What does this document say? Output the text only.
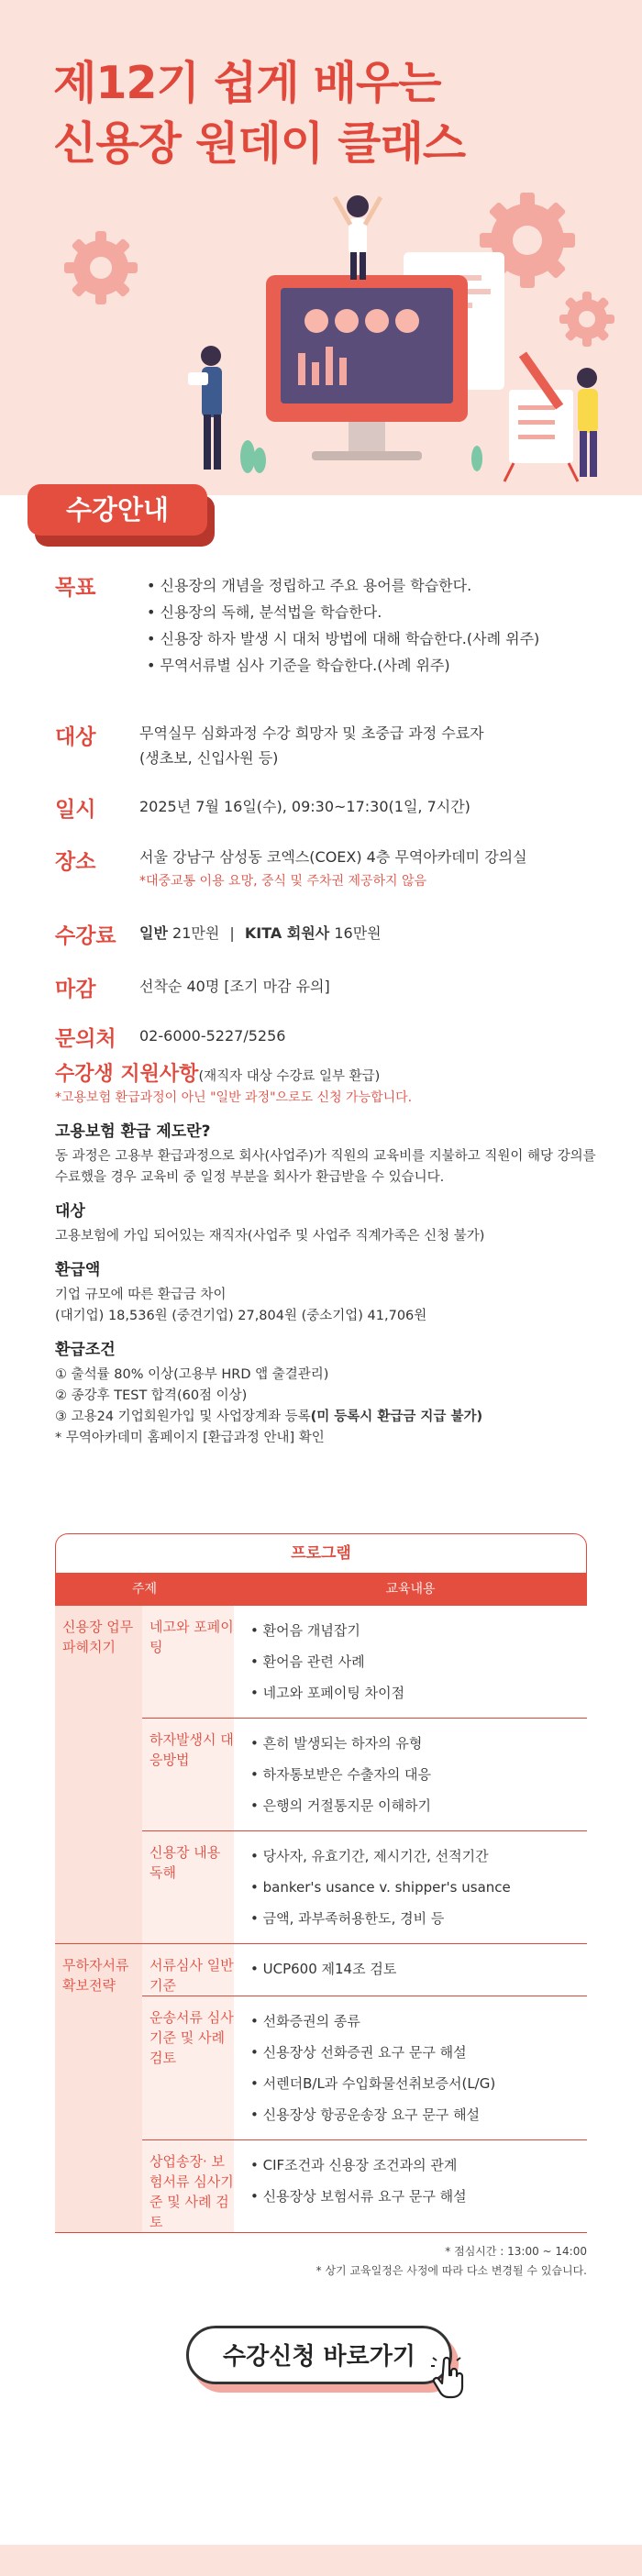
제12기 쉽게 배우는
신용장 원데이 클래스
수강안내
목표
•	신용장의 개념을 정립하고 주요 용어를 학습한다.
• 신용장의 독해, 분석법을 학습한다.
• 신용장 하자 발생 시 대처 방법에 대해 학습한다.(사례 위주)
• 무역서류별 심사 기준을 학습한다.(사례 위주)
대상	무역실무 심화과정 수강 희망자 및 초중급 과정 수료자
(생초보, 신입사원 등)
일시	2025년 7월 16일(수), 09:30~17:30(1일, 7시간)
장소	서울 강남구 삼성동 코엑스(COEX) 4층 무역아카데미 강의실
*대중교통 이용 요망, 중식 및 주차권 제공하지 않음
수강료 일반 21만원 | KITA 회원사 16만원
마감	선착순 40명 [조기 마감 유의]
문의처 02-6000-5227/5256
수강생 지원사항(재직자 대상 수강료 일부 환급)

*고용보험 환급과정이 아닌 "일반 과정"으로도 신청 가능합니다.

고용보험 환급 제도란?

동 과정은 고용부 환급과정으로 회사(사업주)가 직원의 교육비를 지불하고 직원이 해당 강의를 수료했을 경우 교육비 중 일정 부분을 회사가 환급받을 수 있습니다.

대상

고용보험에 가입 되어있는 재직자(사업주 및 사업주 직계가족은 신청 불가)

환급액

기업 규모에 따른 환급금 차이

(대기업) 18,536원 (중견기업) 27,804원 (중소기업) 41,706원

환급조건

① 출석률 80% 이상(고용부 HRD 앱 출결관리)

② 종강후 TEST 합격(60점 이상)

③ 고용24 기업회원가입 및 사업장계좌 등록(미 등록시 환급금 지급 불가)

* 무역아카데미 홈페이지 [환급과정 안내] 확인

프로그램
주제	교육내용
신용장 업무 파헤치기
네고와 포페이팅
• 환어음 개념잡기
• 환어음 관련 사례
• 네고와 포페이팅 차이점
하자발생시 대응방법
• 흔히 발생되는 하자의 유형
• 하자통보받은 수출자의 대응
• 은행의 거절통지문 이해하기
신용장 내용 독해
• 당사자, 유효기간, 제시기간, 선적기간
• banker's usance v. shipper's usance
• 금액, 과부족허용한도, 경비 등
무하자서류 확보전략
서류심사 일반기준
• UCP600 제14조 검토
운송서류 심사기준 및 사례 검토
• 선화증권의 종류
• 신용장상 선화증권 요구 문구 해설
• 서렌더B/L과 수입화물선취보증서(L/G)
• 신용장상 항공운송장 요구 문구 해설
상업송장· 보험서류 심사기준 및 사례 검토
• CIF조건과 신용장 조건과의 관계
• 신용장상 보험서류 요구 문구 해설
* 점심시간 : 13:00 ~ 14:00
* 상기 교육일정은 사정에 따라 다소 변경될 수 있습니다.
수강신청 바로가기
